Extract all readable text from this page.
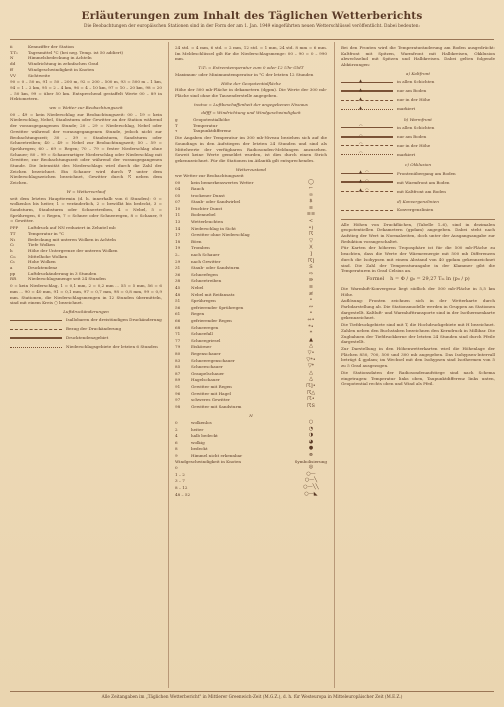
Erläuterungen zum Inhalt des Täglichen Wetterberichts
Die Beobachtungen der europäischen Stationen sind in der Form der am 1. Jan. 1949 eingeführten neuen Wetterschlüssel veröffentlicht. Dabei bedeuten:
ii	Kennziffer der Station
T.Tₓ	Tagesmittel °C (bei neg. Temp. ist 50 addiert)
N	Himmelsbedeckung in Achteln
dd	Windrichtung in zehnfachen Grad
ff	Windgeschwindigkeit in Knoten
VV	Sichtweite
90 = 0 – 50 m, 91 = 50 – 200 m, 92 = 200 – 500 m, 93 = 500 m – 1 km, 94 = 1 – 2 km, 95 = 2 – 4 km, 96 = 4 – 10 km, 97 = 10 – 20 km, 98 = 20 – 50 km, 99 = über 50 km. Entsprechend gestaffelt Werte 00 – 89 in Hektometern.
ww = Wetter zur Beobachtungszeit
00 – 49 = kein Niederschlag zur Beobachtungszeit: 00 – 19 = kein Niederschlag, Nebel, Staubsturm oder Gewitter an der Station während der vorausgegangenen Stunde; 20 – 29 = Niederschlag, Nebel oder Gewitter während der vorausgegangenen Stunde, jedoch nicht zur Beobachtungszeit; 30 – 39 = Staubsturm, Sandsturm oder Schneetreiben; 40 – 49 = Nebel zur Beobachtungszeit; 50 – 59 = Sprühregen; 60 – 69 = Regen; 70 – 79 = fester Niederschlag ohne Schauer; 80 – 99 = Schauerartiger Niederschlag oder Niederschlag mit Gewitter, zur Beobachtungszeit oder während der vorausgegangenen Stunde. Die Intensität des Niederschlags wird durch die Zahl der Zeichen bezeichnet. Ein Schauer wird durch ∇ unter dem Niederschlagszeichen bezeichnet, Gewitter durch ☈ neben dem Zeichen.
W = Wetterverlauf
seit dem letzten Haupttermin (d. h. innerhalb von 6 Stunden): 0 = wolkenlos bis heiter, 1 = veränderlich, 2 = bewölkt bis bedeckt, 3 = Sandsturm, Staubsturm oder Schneetreiben, 4 = Nebel, 5 = Sprühregen, 6 = Regen, 7 = Schnee oder Schneeregen, 8 = Schauer, 9 = Gewitter.
PPP	Luftdruck auf NN reduziert in Zehntel mb
TT	Temperatur in °C
Nₕ	Bedeckung mit unteren Wolken in Achteln
Cₗ	Tiefe Wolken
h	Höhe der Untergrenze der unteren Wolken
Cₘ	Mittelhohe Wolken
Cₕ	Hohe Wolken
a	Drucktendenz
pp	Luftdruckänderung in 3 Stunden
RR	Niederschlagsmenge seit 24 Stunden
0 = kein Niederschlag, 1 = 0,1 mm, 2 = 0,2 mm ... 55 = 5 mm, 56 = 6 mm ... 90 = 40 mm, 91 = 0,1 mm, 97 = 0,7 mm, 98 = 0,8 mm, 99 = 0,9 mm. Stationen, die Niederschlagsmengen in 12 Stunden übermitteln, sind mit einem Kreis ○ bezeichnet.
Luftdruckänderungen
Isallobaren der dreistündigen Druckänderung
Bezug der Druckänderung
Drucktendenzgebiet
Niederschlagsgebiete der letzten 6 Stunden
24 std. = 4 mm, 6 std. = 2 mm, 12 std. = 1 mm, 24 std. 8 mm = 6 mm. Im Meldeschlüssel gilt für die Niederschlagsmenge: 00 – 90 = 0 – 990 mm.
TₓTₓ = Extremtemperatur zum 0 oder 12 Uhr GMT
Maximum- oder Minimumtemperatur in °C der letzten 12 Stunden
Höhe der Geopotentialfläche
Höhe der 500 mb-Fläche in dekametern (dgpm). Die Werte der 300 mb-Fläche sind ohne die Tausenderstelle angegeben.
t₅₀₀t₅₀₀ = Luftbeschaffenheit der angegebenen Niveaus
ddfff = Windrichtung und Windgeschwindigkeit
g	Geopotentialhöhe
T	Temperatur
τ	Taupunktdifferenz
Die Angaben der Temperatur im 300 mb-Niveau beziehen sich auf die Soundings in den Aufstiegen der letzten 24 Stunden und sind als Mittelwerte der verfügbaren Radiosonden-Meldungen anzusehen. Soweit keine Werte gemeldet wurden, ist dies durch einen Strich gekennzeichnet. Für die Stationen im Atlantik gilt entsprechendes.
Wetterzustand
ww Wetter zur Beobachtungszeit
00	kein bemerkenswertes Wetter	◯
04	Rauch	⌐
05	trockener Dunst	∞
07	Staub- oder Sandwirbel	$
10	feuchter Dunst	≡
11	Bodennebel	≡≡
13	Wetterleuchten	<
14	Niederschlag in Sicht	•)
17	Gewitter ohne Niederschlag	☈
18	Böen	▽
19	Tromben	)(
2–	nach Schauer	]
29	nach Gewitter	☈]
31	Staub- oder Sandsturm	S
36	Schneefegen	⇨
38	Schneetreiben	⇛
45	Nebel	≡
48	Nebel mit Reifansatz	≢
51	Sprühregen	•
56	gefrierender Sprühregen	∾
61	Regen	•
66	gefrierender Regen	∾•
68	Schneeregen	*•
71	Schneefall	*
77	Schneegriesel	▲
79	Eiskörner	△
80	Regenschauer	▽•
83	Schneeregenschauer	▽*•
85	Schneeschauer	▽*
87	Graupelschauer	△
89	Hagelschauer	△̣
91	Gewitter mit Regen	☈]•
96	Gewitter mit Hagel	☈△
97	schweres Gewitter	☈•
98	Gewitter mit Sandsturm	☈S
N
0	wolkenlos	○
2	heiter	◔
4	halb bedeckt	◑
6	wolkig	◕
8	bedeckt	●
9	Himmel nicht erkennbar	⊗
Windgeschwindigkeit in Knoten	Symbolisierung
0	◎
1 – 2	○—
3 – 7	○—╲
8 – 12	○—╲╲
48 – 52	○—◣
Bei den Fronten wird die Temperaturänderung am Boden ausgedrückt: Kaltfront mit Spitzen, Warmfront mit Halbkreisen, Okklusion abwechselnd mit Spitzen und Halbkreisen. Dabei gelten folgende Abkürzungen:
a) Kaltfront
▲	in allen Schichten
▲	nur am Boden
▲	nur in der Höhe
▲	markiert
b) Warmfront
◠	in allen Schichten
◠	nur am Boden
◠	nur in der Höhe
◠	markiert
c) Okklusion
▲◠	Frontenübergang am Boden
▲◠	mit Warmfront am Boden
▲◠	mit Kaltfront am Boden
d) Konvergenzlinien
Konvergenzlinien
Alle Höhen von Druckflächen, (Tabelle 1–6), sind in dezimalen geopotentiellen Dekametern (gpdam) angegeben. Dabei steht nach Aufstieg der Wert in Normalzeiten, doch unter der Ausgangsangabe zur Reduktion vorangeschaltet.
Für Karten der höheren Troposphäre ist für die 500 mb-Fläche zu beachten, dass die Werte der Wärmeenergie mit 500 mb Differenzen durch die Isohypsen mit einem Abstand von 40 gpdam gekennzeichnet sind. Die Zahl der Temperaturangabe in der Klammer gibt die Temperaturen in Grad Celsius an.
Formel h = Φ / g₀ = 29,27 Tₘ ln (p₀ / p)
Die Warmluft-Konvergenz liegt südlich der 500 mb-Fläche in 5,5 km Höhe.
Auflösung: Fronten zeichnen sich in der Wetterkarte durch Farbdarstellung ab. Die Stationsmodelle werden in Gruppen an Stationen dargestellt. Kaltluft- und Warmlufttransporte sind in der Isothermenkarte gekennzeichnet.
Die Tiefdruckgebiete sind mit T, die Hochdruckgebiete mit H bezeichnet. Zahlen neben den Buchstaben bezeichnen den Kerndruck in Millibar. Die Zugbahnen der Tiefdruckkerne der letzten 24 Stunden sind durch Pfeile dargestellt.
Zur Darstellung in den Höhenwetterkarten wird die Höhenlage der Flächen 850, 700, 500 und 300 mb angegeben. Das Isohypsen-Intervall beträgt 4 gpdam; im Wechsel mit den Isohypsen sind Isothermen von 5 zu 5 Grad ausgezogen.
Die Stationsdaten der Radiosondenaufstiege sind nach Schema eingetragen: Temperatur links oben, Taupunktdifferenz links unten, Geopotential rechts oben und Wind als Pfeil.
Alle Zeitangaben im „Täglichen Wetterbericht" in Mittlerer Greenwich-Zeit (M.G.Z.), d. h. für Westeuropa in Mitteleuropäischer Zeit (M.E.Z.)
